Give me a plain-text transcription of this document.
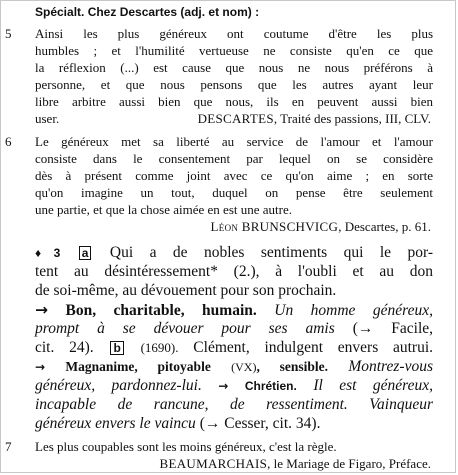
Spécialt. Chez Descartes (adj. et nom) :
5 Ainsi les plus généreux ont coutume d'être les plus
humbles ; et l'humilité vertueuse ne consiste qu'en ce que
la réflexion (...) est cause que nous ne nous préférons à
personne, et que nous pensons que les autres ayant leur
libre arbitre aussi bien que nous, ils en peuvent aussi bien
user.	DESCARTES, Traité des passions, III, CLV.
6 Le généreux met sa liberté au service de l'amour et l'amour
consiste dans le consentement par lequel on se considère
dès à présent comme joint avec ce qu'on aime ; en sorte
qu'on imagine un tout, duquel on pense être seulement
une partie, et que la chose aimée en est une autre.
Léon BRUNSCHVICG, Descartes, p. 61.
♦3 a Qui a de nobles sentiments qui le por-
tent au désintéressement* (2.), à l'oubli et au don
de soi-même, au dévouement pour son prochain.
→ Bon, charitable, humain. Un homme généreux,
prompt à se dévouer pour ses amis (→ Facile,
cit. 24). b (1690). Clément, indulgent envers autrui.
→ Magnanime, pitoyable (VX), sensible. Montrez-vous
généreux, pardonnez-lui. → Chrétien. Il est généreux,
incapable de rancune, de ressentiment. Vainqueur
généreux envers le vaincu (→ Cesser, cit. 34).
7 Les plus coupables sont les moins généreux, c'est la règle.
BEAUMARCHAIS, le Mariage de Figaro, Préface.
